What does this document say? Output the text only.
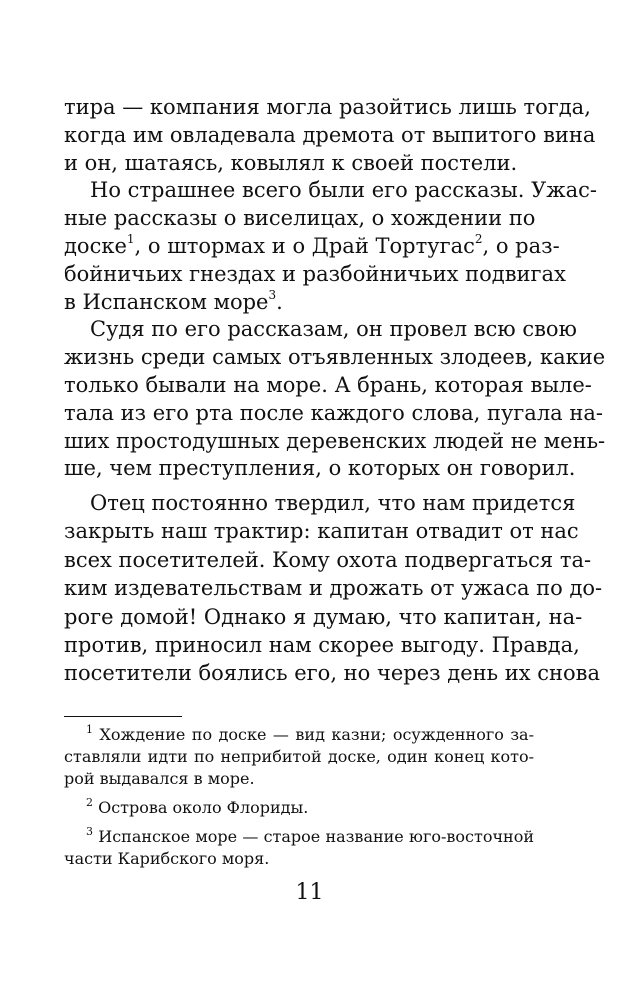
тира — компания могла разойтись лишь тогда,
когда им овладевала дремота от выпитого вина
и он, шатаясь, ковылял к своей постели.
Но страшнее всего были его рассказы. Ужас-
ные рассказы о виселицах, о хождении по
доске$^1$, о штормах и о Драй Тортугас$^2$, о раз-
бойничьих гнездах и разбойничьих подвигах
в Испанском море$^3$.
Судя по его рассказам, он провел всю свою
жизнь среди самых отъявленных злодеев, какие
только бывали на море. А брань, которая выле-
тала из его рта после каждого слова, пугала на-
ших простодушных деревенских людей не мень-
ше, чем преступления, о которых он говорил.
Отец постоянно твердил, что нам придется
закрыть наш трактир: капитан отвадит от нас
всех посетителей. Кому охота подвергаться та-
ким издевательствам и дрожать от ужаса по до-
роге домой! Однако я думаю, что капитан, на-
против, приносил нам скорее выгоду. Правда,
посетители боялись его, но через день их снова
$^1$ Хождение по доске — вид казни; осужденного за-
ставляли идти по неприбитой доске, один конец кото-
рой выдавался в море.
$^2$ Острова около Флориды.
$^3$ Испанское море — старое название юго-восточной
части Карибского моря.
11
